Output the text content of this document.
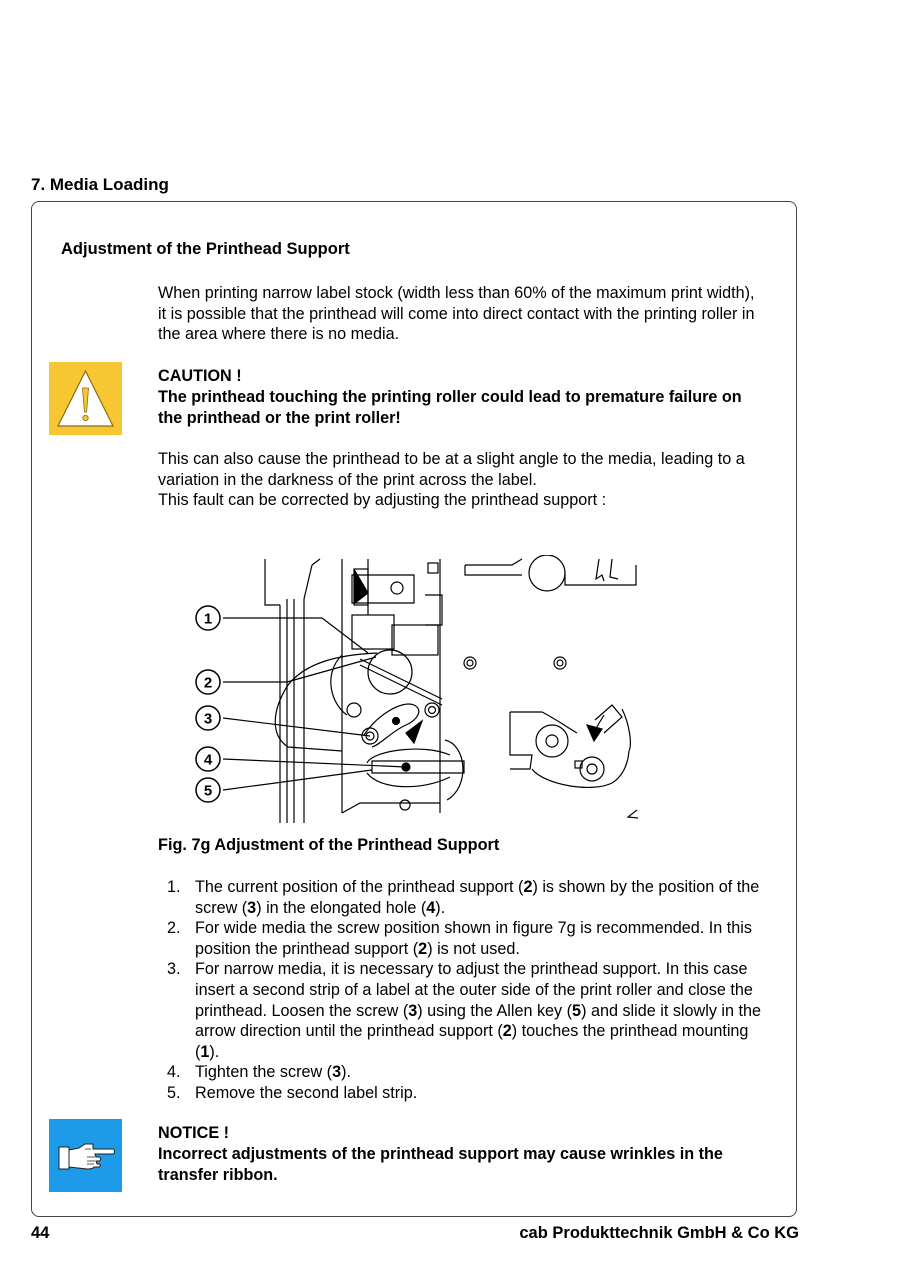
7. Media Loading
Adjustment of the Printhead Support

When printing narrow label stock (width less than 60% of the maximum print width), it is possible that the printhead will come into direct contact with the printing roller in the area where there is no media.

CAUTION !

The printhead touching the printing roller could lead to premature failure on the printhead or the print roller!

This can also cause the printhead to be at a slight angle to the media, leading to a variation in the darkness of the print across the label.

This fault can be corrected by adjusting the printhead support :

1
2
3
4
5
Fig. 7g Adjustment of the Printhead Support
1. The current position of the printhead support (2) is shown by the position of the screw (3) in the elongated hole (4).
2. For wide media the screw position shown in figure 7g is recommended. In this position the printhead support (2) is not used.
3. For narrow media, it is necessary to adjust the printhead support. In this case insert a second strip of a label at the outer side of the print roller and close the printhead. Loosen the screw (3) using the Allen key (5) and slide it slowly in the arrow direction until the printhead support (2) touches the printhead mounting (1).
4. Tighten the screw (3).
5. Remove the second label strip.
NOTICE !

Incorrect adjustments of the printhead support may cause wrinkles in the transfer ribbon.

44	cab Produkttechnik GmbH & Co KG
